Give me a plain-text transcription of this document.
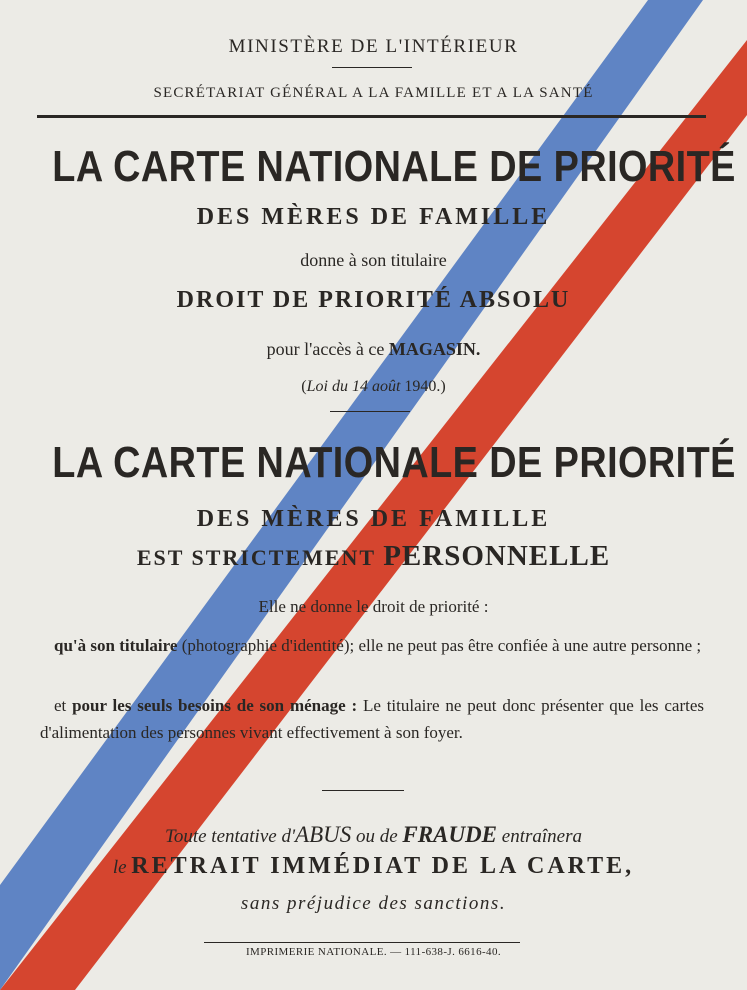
MINISTÈRE DE L'INTÉRIEUR

SECRÉTARIAT GÉNÉRAL A LA FAMILLE ET A LA SANTÉ

LA CARTE NATIONALE DE PRIORITÉ

DES MÈRES DE FAMILLE

donne à son titulaire

DROIT DE PRIORITÉ ABSOLU

pour l'accès à ce MAGASIN.

(Loi du 14 août 1940.)

LA CARTE NATIONALE DE PRIORITÉ

DES MÈRES DE FAMILLE

EST STRICTEMENT PERSONNELLE

Elle ne donne le droit de priorité :

qu'à son titulaire (photographie d'identité); elle ne peut pas être confiée à une autre personne ;

et pour les seuls besoins de son ménage : Le titulaire ne peut donc présenter que les cartes d'alimentation des personnes vivant effectivement à son foyer.

Toute tentative d'ABUS ou de FRAUDE entraînera

le RETRAIT IMMÉDIAT DE LA CARTE,

sans préjudice des sanctions.

IMPRIMERIE NATIONALE. — 111-638-J. 6616-40.
